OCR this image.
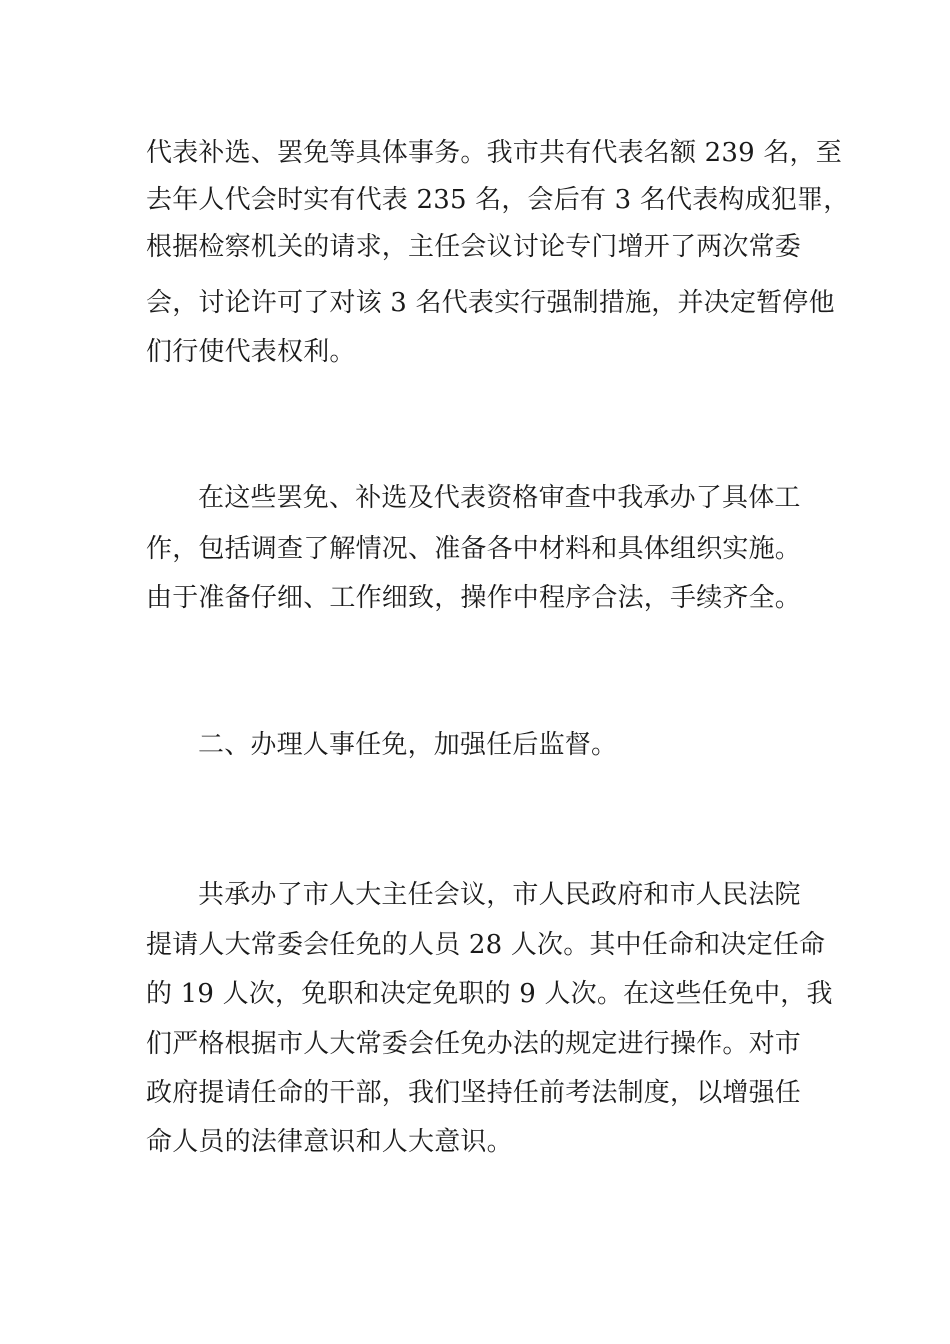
代表补选、罢免等具体事务。我市共有代表名额 239 名，至
去年人代会时实有代表 235 名，会后有 3 名代表构成犯罪，
根据检察机关的请求，主任会议讨论专门增开了两次常委
会，讨论许可了对该 3 名代表实行强制措施，并决定暂停他
们行使代表权利。
在这些罢免、补选及代表资格审查中我承办了具体工
作，包括调查了解情况、准备各中材料和具体组织实施。
由于准备仔细、工作细致，操作中程序合法，手续齐全。
二、办理人事任免，加强任后监督。
共承办了市人大主任会议，市人民政府和市人民法院
提请人大常委会任免的人员 28 人次。其中任命和决定任命
的 19 人次，免职和决定免职的 9 人次。在这些任免中，我
们严格根据市人大常委会任免办法的规定进行操作。对市
政府提请任命的干部，我们坚持任前考法制度，以增强任
命人员的法律意识和人大意识。
